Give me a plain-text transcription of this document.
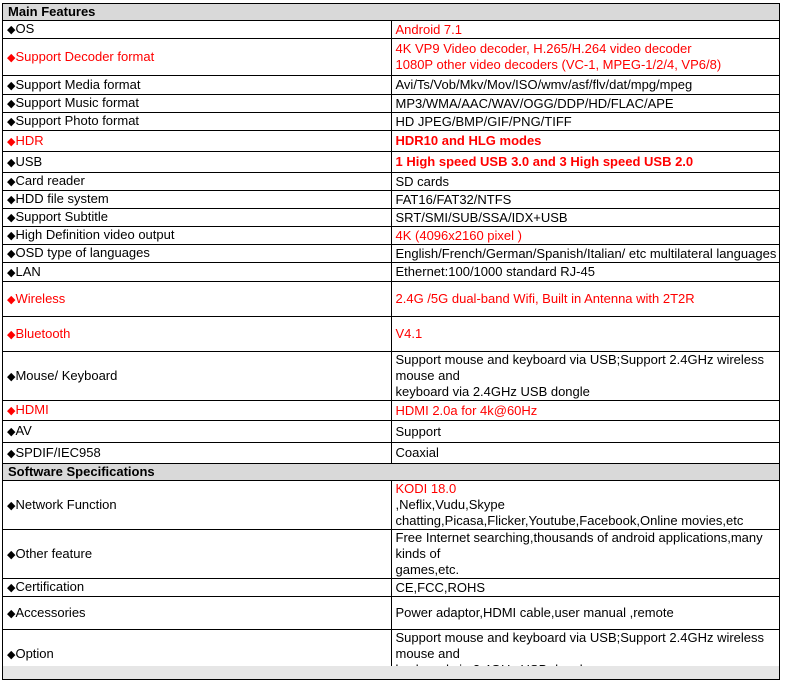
Main Features	
◆OS	Android 7.1
◆Support Decoder format	4K VP9 Video decoder, H.265/H.264 video decoder
1080P other video decoders (VC-1, MPEG-1/2/4, VP6/8)

◆Support Media format	Avi/Ts/Vob/Mkv/Mov/ISO/wmv/asf/flv/dat/mpg/mpeg
◆Support Music format	MP3/WMA/AAC/WAV/OGG/DDP/HD/FLAC/APE
◆Support Photo format	HD JPEG/BMP/GIF/PNG/TIFF
◆HDR	HDR10 and HLG modes
◆USB	1 High speed USB 3.0 and 3 High speed USB 2.0
◆Card reader	SD cards
◆HDD file system	FAT16/FAT32/NTFS
◆Support Subtitle	SRT/SMI/SUB/SSA/IDX+USB
◆High Definition video output	4K (4096x2160 pixel )
◆OSD type of languages	English/French/German/Spanish/Italian/ etc multilateral languages
◆LAN	Ethernet:100/1000 standard RJ-45
◆Wireless	2.4G /5G dual-band Wifi, Built in Antenna with 2T2R
◆Bluetooth	V4.1
◆Mouse/ Keyboard	Support mouse and keyboard via USB;Support 2.4GHz wireless mouse and
keyboard via 2.4GHz USB dongle

◆HDMI	HDMI 2.0a for 4k@60Hz
◆AV	Support
◆SPDIF/IEC958	Coaxial
Software Specifications	
◆Network Function	KODI 18.0
,Neflix,Vudu,Skype
chatting,Picasa,Flicker,Youtube,Facebook,Online movies,etc

◆Other feature	Free Internet searching,thousands of android applications,many kinds of
games,etc.

◆Certification	CE,FCC,ROHS
◆Accessories	Power adaptor,HDMI cable,user manual ,remote
◆Option	Support mouse and keyboard via USB;Support 2.4GHz wireless mouse and
